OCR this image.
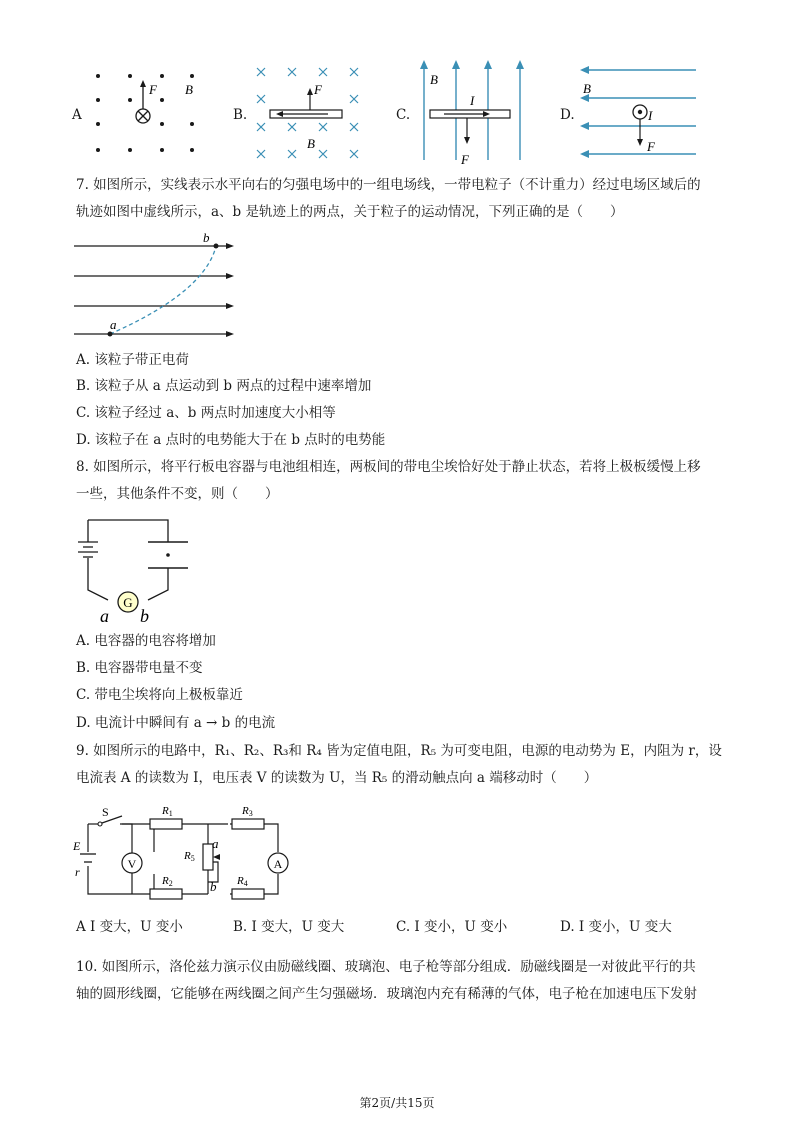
A
F B
B.
F
B
C.
B
I
F
D.
B
I
F
7. 如图所示，实线表示水平向右的匀强电场中的一组电场线，一带电粒子（不计重力）经过电场区域后的
轨迹如图中虚线所示，a、b 是轨迹上的两点，关于粒子的运动情况，下列正确的是（　　）
a
b
A. 该粒子带正电荷
B. 该粒子从 a 点运动到 b 两点的过程中速率增加
C. 该粒子经过 a、b 两点时加速度大小相等
D. 该粒子在 a 点时的电势能大于在 b 点时的电势能
8. 如图所示，将平行板电容器与电池组相连，两板间的带电尘埃恰好处于静止状态，若将上极板缓慢上移
一些，其他条件不变，则（　　）
G
a b
A. 电容器的电容将增加
B. 电容器带电量不变
C. 带电尘埃将向上极板靠近
D. 电流计中瞬间有 a → b 的电流
9. 如图所示的电路中，R₁、R₂、R₃和 R₄ 皆为定值电阻，R₅ 为可变电阻，电源的电动势为 E，内阻为 r，设
电流表 A 的读数为 I，电压表 V 的读数为 U，当 R₅ 的滑动触点向 a 端移动时（　　）
S
E
r
V
R1
R2
R3
R4
R5
a
b
A
A I 变大，U 变小	B. I 变大，U 变大	C. I 变小，U 变小	D. I 变小，U 变大
10. 如图所示，洛伦兹力演示仪由励磁线圈、玻璃泡、电子枪等部分组成．励磁线圈是一对彼此平行的共
轴的圆形线圈，它能够在两线圈之间产生匀强磁场．玻璃泡内充有稀薄的气体，电子枪在加速电压下发射
第2页/共15页
